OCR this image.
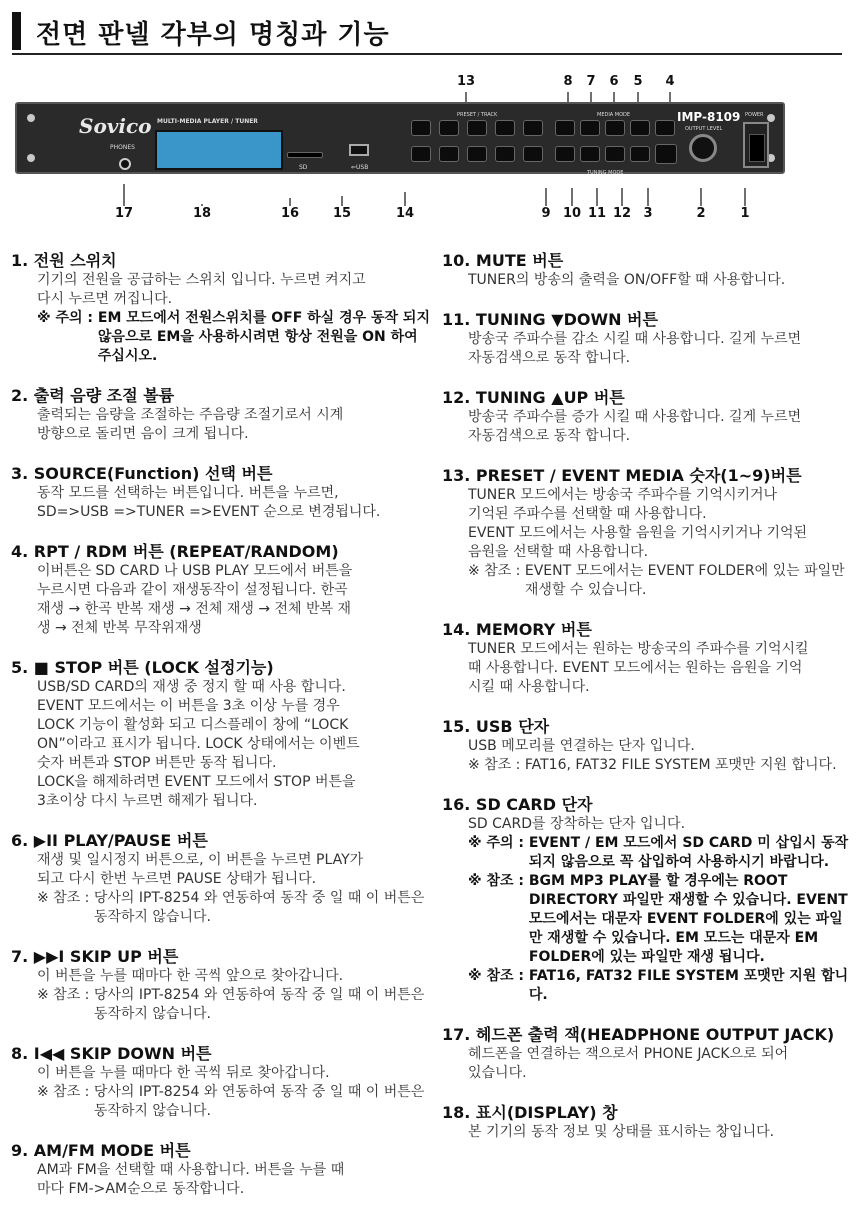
전면 판넬 각부의 명칭과 기능
Sovico
PHONES
MULTI-MEDIA PLAYER / TUNER
SD	⇐USB
PRESET / TRACK	MEDIA MODE
TUNING MODE
IMP-8109
OUTPUT LEVEL
POWER
13	8	7	6	5	4
17	18	16	15	14	9 10 11 12 3	2	1
1. 전원 스위치
기기의 전원을 공급하는 스위치 입니다. 누르면 켜지고
다시 누르면 꺼집니다.
※ 주의 : EM 모드에서 전원스위치를 OFF 하실 경우 동작 되지 않음으로 EM을 사용하시려면 항상 전원을 ON 하여 주십시오.
2. 출력 음량 조절 볼륨
출력되는 음량을 조절하는 주음량 조절기로서 시계
방향으로 돌리면 음이 크게 됩니다.
3. SOURCE(Function) 선택 버튼
동작 모드를 선택하는 버튼입니다. 버튼을 누르면,
SD=>USB =>TUNER =>EVENT 순으로 변경됩니다.
4. RPT / RDM 버튼 (REPEAT/RANDOM)
이버튼은 SD CARD 나 USB PLAY 모드에서 버튼을
누르시면 다음과 같이 재생동작이 설정됩니다. 한곡
재생 → 한곡 반복 재생 → 전체 재생 → 전체 반복 재
생 → 전체 반복 무작위재생
5. ■ STOP 버튼 (LOCK 설정기능)
USB/SD CARD의 재생 중 정지 할 때 사용 합니다.
EVENT 모드에서는 이 버튼을 3초 이상 누를 경우
LOCK 기능이 활성화 되고 디스플레이 창에 “LOCK
ON”이라고 표시가 됩니다. LOCK 상태에서는 이벤트
숫자 버튼과 STOP 버튼만 동작 됩니다.
LOCK을 해제하려면 EVENT 모드에서 STOP 버튼을
3초이상 다시 누르면 해제가 됩니다.
6. ▶II PLAY/PAUSE 버튼
재생 및 일시정지 버튼으로, 이 버튼을 누르면 PLAY가
되고 다시 한번 누르면 PAUSE 상태가 됩니다.
※ 참조 : 당사의 IPT-8254 와 연동하여 동작 중 일 때 이 버튼은 동작하지 않습니다.
7. ▶▶I SKIP UP 버튼
이 버튼을 누를 때마다 한 곡씩 앞으로 찾아갑니다.
※ 참조 : 당사의 IPT-8254 와 연동하여 동작 중 일 때 이 버튼은 동작하지 않습니다.
8. I◀◀ SKIP DOWN 버튼
이 버튼을 누를 때마다 한 곡씩 뒤로 찾아갑니다.
※ 참조 : 당사의 IPT-8254 와 연동하여 동작 중 일 때 이 버튼은 동작하지 않습니다.
9. AM/FM MODE 버튼
AM과 FM을 선택할 때 사용합니다. 버튼을 누를 때
마다 FM->AM순으로 동작합니다.
10. MUTE 버튼
TUNER의 방송의 출력을 ON/OFF할 때 사용합니다.
11. TUNING ▼DOWN 버튼
방송국 주파수를 감소 시킬 때 사용합니다. 길게 누르면
자동검색으로 동작 합니다.
12. TUNING ▲UP 버튼
방송국 주파수를 증가 시킬 때 사용합니다. 길게 누르면
자동검색으로 동작 합니다.
13. PRESET / EVENT MEDIA 숫자(1~9)버튼
TUNER 모드에서는 방송국 주파수를 기억시키거나
기억된 주파수를 선택할 때 사용합니다.
EVENT 모드에서는 사용할 음원을 기억시키거나 기억된
음원을 선택할 때 사용합니다.
※ 참조 : EVENT 모드에서는 EVENT FOLDER에 있는 파일만 재생할 수 있습니다.
14. MEMORY 버튼
TUNER 모드에서는 원하는 방송국의 주파수를 기억시킬
때 사용합니다. EVENT 모드에서는 원하는 음원을 기억
시킬 때 사용합니다.
15. USB 단자
USB 메모리를 연결하는 단자 입니다.
※ 참조 : FAT16, FAT32 FILE SYSTEM 포맷만 지원 합니다.
16. SD CARD 단자
SD CARD를 장착하는 단자 입니다.
※ 주의 : EVENT / EM 모드에서 SD CARD 미 삽입시 동작 되지 않음으로 꼭 삽입하여 사용하시기 바랍니다.
※ 참조 : BGM MP3 PLAY를 할 경우에는 ROOT DIRECTORY 파일만 재생할 수 있습니다. EVENT 모드에서는 대문자 EVENT FOLDER에 있는 파일만 재생할 수 있습니다. EM 모드는 대문자 EM FOLDER에 있는 파일만 재생 됩니다.
※ 참조 : FAT16, FAT32 FILE SYSTEM 포맷만 지원 합니다.
17. 헤드폰 출력 잭(HEADPHONE OUTPUT JACK)
헤드폰을 연결하는 잭으로서 PHONE JACK으로 되어
있습니다.
18. 표시(DISPLAY) 창
본 기기의 동작 정보 및 상태를 표시하는 창입니다.
